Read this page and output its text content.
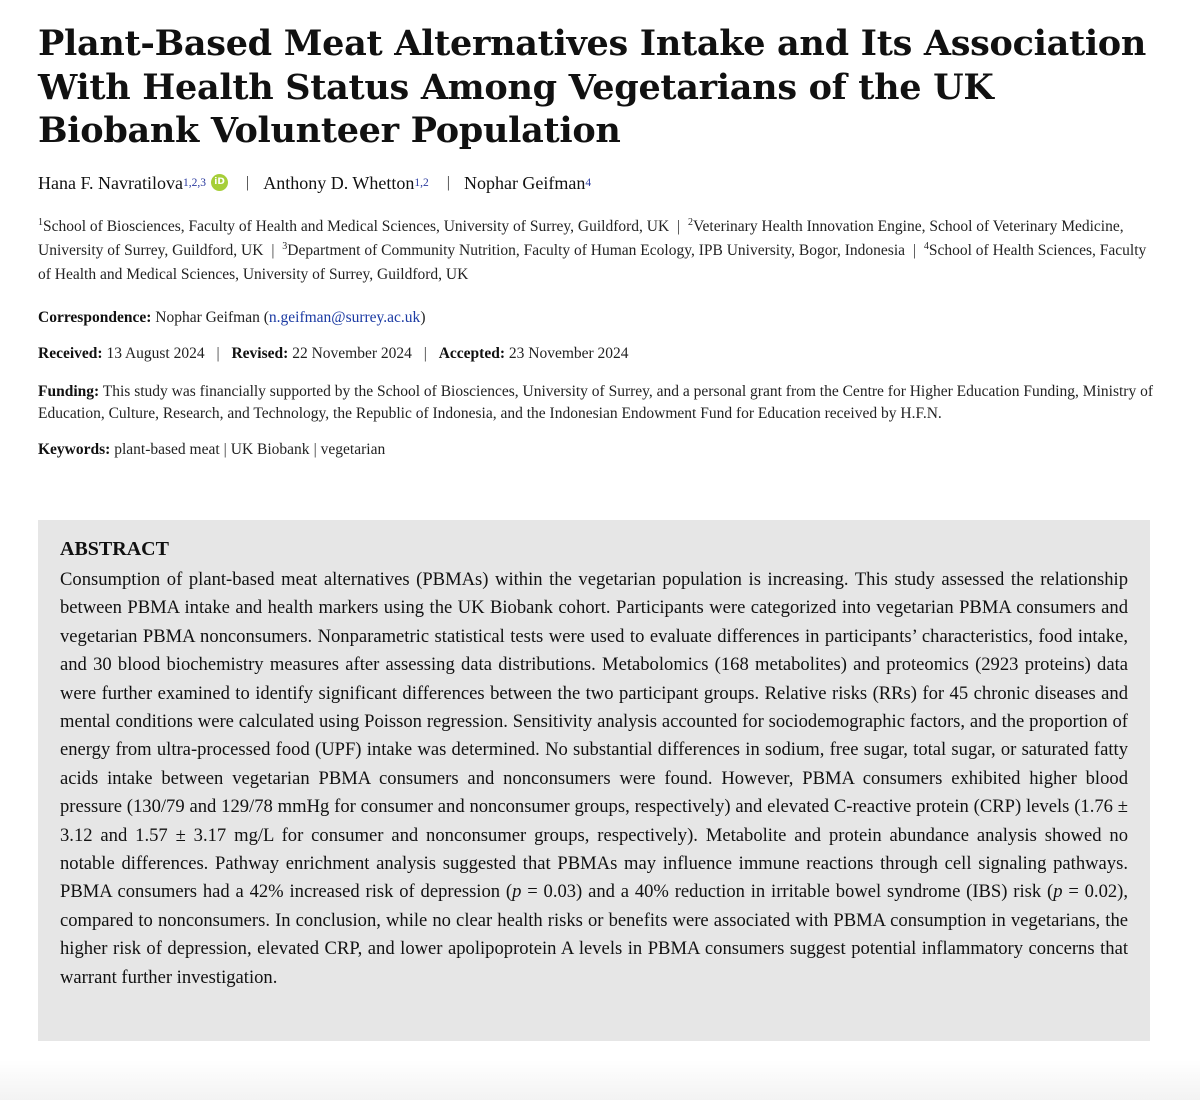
Plant-Based Meat Alternatives Intake and Its Association With Health Status Among Vegetarians of the UK Biobank Volunteer Population
Hana F. Navratilova 1,2,3 iD | Anthony D. Whetton 1,2 | Nophar Geifman 4
$^1$School of Biosciences, Faculty of Health and Medical Sciences, University of Surrey, Guildford, UK | $^2$Veterinary Health Innovation Engine, School of Veterinary Medicine, University of Surrey, Guildford, UK | $^3$Department of Community Nutrition, Faculty of Human Ecology, IPB University, Bogor, Indonesia | $^4$School of Health Sciences, Faculty of Health and Medical Sciences, University of Surrey, Guildford, UK
Correspondence: Nophar Geifman (n.geifman@surrey.ac.uk)
Received: 13 August 2024 | Revised: 22 November 2024 | Accepted: 23 November 2024
Funding: This study was financially supported by the School of Biosciences, University of Surrey, and a personal grant from the Centre for Higher Education Funding, Ministry of Education, Culture, Research, and Technology, the Republic of Indonesia, and the Indonesian Endowment Fund for Education received by H.F.N.
Keywords: plant-based meat | UK Biobank | vegetarian
ABSTRACT

Consumption of plant-based meat alternatives (PBMAs) within the vegetarian population is increasing. This study assessed the relationship between PBMA intake and health markers using the UK Biobank cohort. Participants were categorized into vegetarian PBMA consumers and vegetarian PBMA nonconsumers. Nonparametric statistical tests were used to evaluate differences in participants’ characteristics, food intake, and 30 blood biochemistry measures after assessing data distributions. Metabolomics (168 metabolites) and proteomics (2923 proteins) data were further examined to identify significant differences between the two participant groups. Relative risks (RRs) for 45 chronic diseases and mental conditions were calculated using Poisson regression. Sensitivity analysis accounted for sociodemographic factors, and the proportion of energy from ultra-processed food (UPF) intake was determined. No substantial differences in sodium, free sugar, total sugar, or saturated fatty acids intake between vegetarian PBMA consumers and nonconsumers were found. However, PBMA consumers exhibited higher blood pressure (130/79 and 129/78 mmHg for consumer and nonconsumer groups, respectively) and elevated C-reactive protein (CRP) levels (1.76 ± 3.12 and 1.57 ± 3.17 mg/L for consumer and nonconsumer groups, respectively). Metabolite and protein abundance analysis showed no notable differences. Pathway enrichment analysis suggested that PBMAs may influence immune reactions through cell signaling pathways. PBMA consumers had a 42% increased risk of depression (p = 0.03) and a 40% reduction in irritable bowel syndrome (IBS) risk (p = 0.02), compared to nonconsumers. In conclusion, while no clear health risks or benefits were associated with PBMA consumption in vegetarians, the higher risk of depression, elevated CRP, and lower apolipoprotein A levels in PBMA consumers suggest potential inflammatory concerns that warrant further investigation.
